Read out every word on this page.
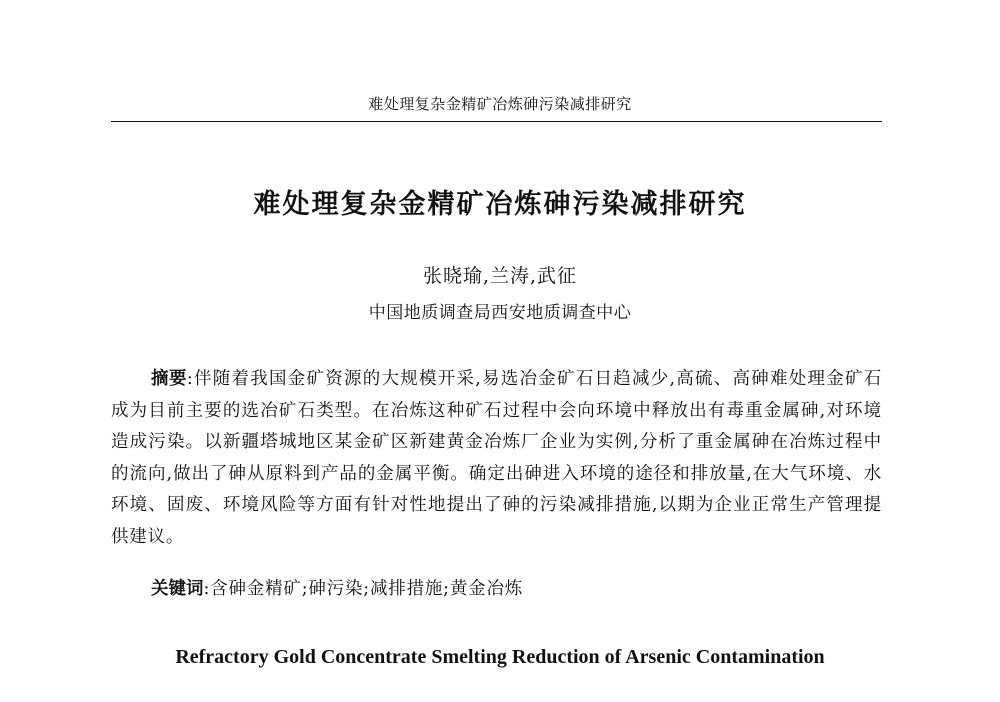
难处理复杂金精矿冶炼砷污染减排研究
难处理复杂金精矿冶炼砷污染减排研究
张晓瑜,兰涛,武征
中国地质调查局西安地质调查中心

摘要:伴随着我国金矿资源的大规模开采,易选冶金矿石日趋减少,高硫、高砷难处理金矿石成为目前主要的选冶矿石类型。在冶炼这种矿石过程中会向环境中释放出有毒重金属砷,对环境造成污染。以新疆塔城地区某金矿区新建黄金冶炼厂企业为实例,分析了重金属砷在冶炼过程中的流向,做出了砷从原料到产品的金属平衡。确定出砷进入环境的途径和排放量,在大气环境、水环境、固废、环境风险等方面有针对性地提出了砷的污染减排措施,以期为企业正常生产管理提供建议。

关键词:含砷金精矿;砷污染;减排措施;黄金冶炼
Refractory Gold Concentrate Smelting Reduction of Arsenic Contamination
